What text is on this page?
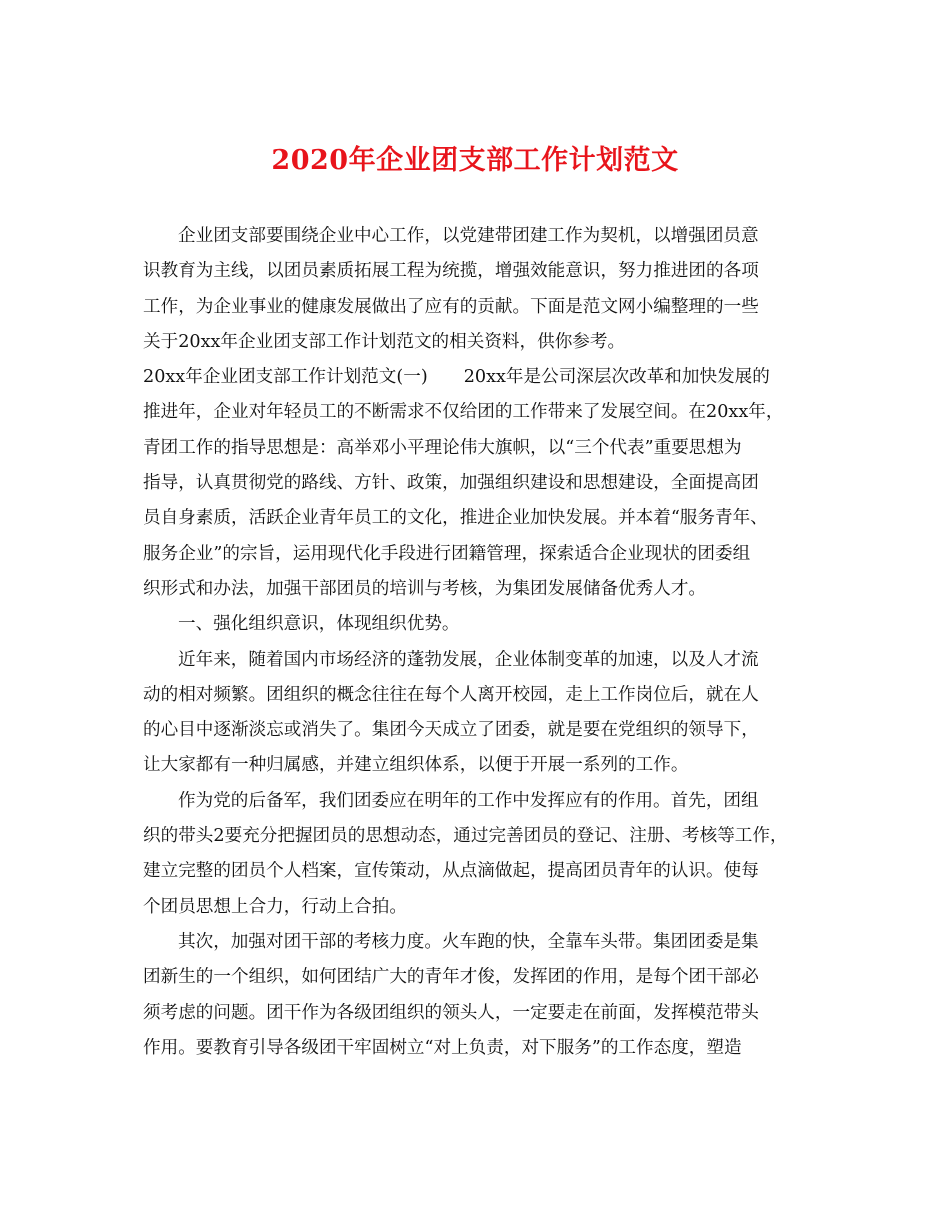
2020年企业团支部工作计划范文

企业团支部要围绕企业中心工作，以党建带团建工作为契机，以增强团员意

识教育为主线，以团员素质拓展工程为统揽，增强效能意识，努力推进团的各项

工作，为企业事业的健康发展做出了应有的贡献。下面是范文网小编整理的一些

关于20xx年企业团支部工作计划范文的相关资料，供你参考。

20xx年企业团支部工作计划范文(一) 20xx年是公司深层次改革和加快发展的

推进年，企业对年轻员工的不断需求不仅给团的工作带来了发展空间。在20xx年，

青团工作的指导思想是：高举邓小平理论伟大旗帜，以“三个代表”重要思想为

指导，认真贯彻党的路线、方针、政策，加强组织建设和思想建设，全面提高团

员自身素质，活跃企业青年员工的文化，推进企业加快发展。并本着“服务青年、

服务企业”的宗旨，运用现代化手段进行团籍管理，探索适合企业现状的团委组

织形式和办法，加强干部团员的培训与考核，为集团发展储备优秀人才。

一、强化组织意识，体现组织优势。

近年来，随着国内市场经济的蓬勃发展，企业体制变革的加速，以及人才流

动的相对频繁。团组织的概念往往在每个人离开校园，走上工作岗位后，就在人

的心目中逐渐淡忘或消失了。集团今天成立了团委，就是要在党组织的领导下，

让大家都有一种归属感，并建立组织体系，以便于开展一系列的工作。

作为党的后备军，我们团委应在明年的工作中发挥应有的作用。首先，团组

织的带头2要充分把握团员的思想动态，通过完善团员的登记、注册、考核等工作，

建立完整的团员个人档案，宣传策动，从点滴做起，提高团员青年的认识。使每

个团员思想上合力，行动上合拍。

其次，加强对团干部的考核力度。火车跑的快，全靠车头带。集团团委是集

团新生的一个组织，如何团结广大的青年才俊，发挥团的作用，是每个团干部必

须考虑的问题。团干作为各级团组织的领头人，一定要走在前面，发挥模范带头

作用。要教育引导各级团干牢固树立“对上负责，对下服务”的工作态度，塑造
